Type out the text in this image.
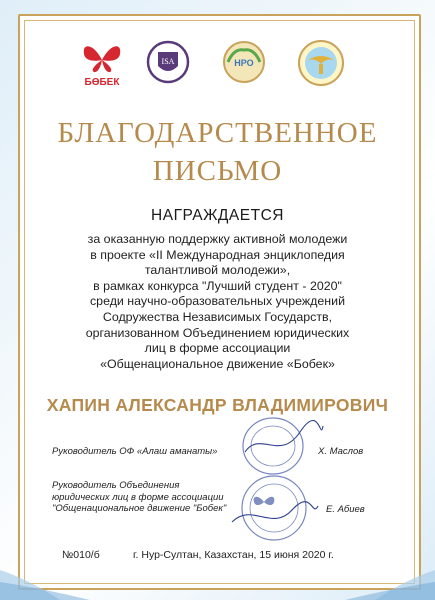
БӨБЕК
ISA	НРО
БЛАГОДАРСТВЕННОЕ
ПИСЬМО
НАГРАЖДАЕТСЯ
за оказанную поддержку активной молодежи
в проекте «II Международная энциклопедия
талантливой молодежи»,
в рамках конкурса "Лучший студент - 2020"
среди научно-образовательных учреждений
Содружества Независимых Государств,
организованном Объединением юридических
лиц в форме ассоциации
«Общенациональное движение «Бобек»
ХАПИН АЛЕКСАНДР ВЛАДИМИРОВИЧ
Руководитель ОФ «Алаш аманаты»	Х. Маслов
Руководитель Объединения
юридических лиц в форме ассоциации
"Общенациональное движение "Бобек"	Е. Абиев
№010/б	г. Нур-Султан, Казахстан, 15 июня 2020 г.
